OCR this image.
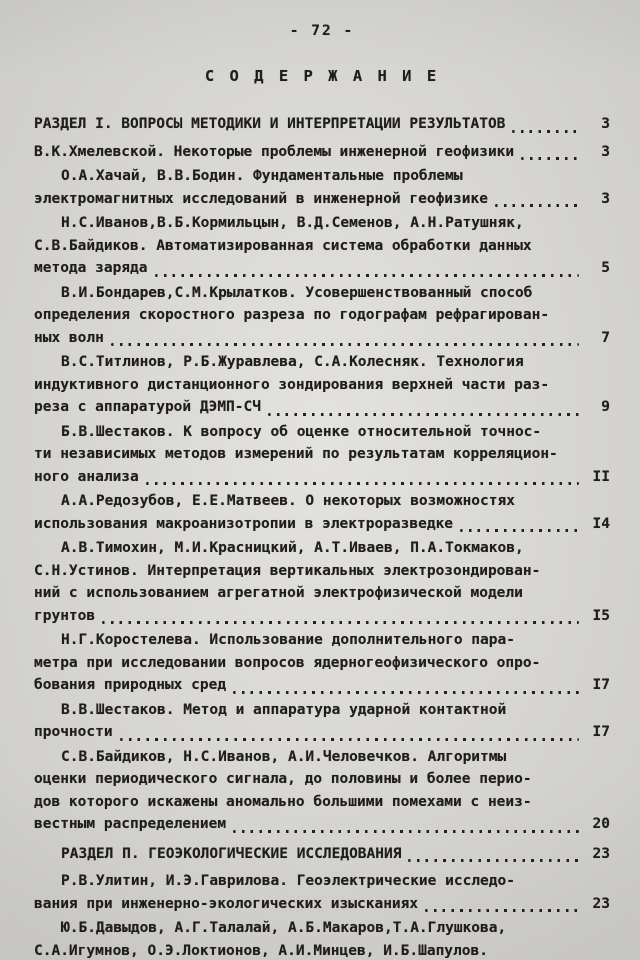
- 72 -
С О Д Е Р Ж А Н И Е
РАЗДЕЛ I. ВОПРОСЫ МЕТОДИКИ И ИНТЕРПРЕТАЦИИ РЕЗУЛЬТАТОВ	3
В.К.Хмелевской. Некоторые проблемы инженерной геофизики	3
О.А.Хачай, В.В.Бодин. Фундаментальные проблемы
электромагнитных исследований в инженерной геофизике	3
Н.С.Иванов,В.Б.Кормильцын, В.Д.Семенов, А.Н.Ратушняк,
С.В.Байдиков. Автоматизированная система обработки данных
метода заряда	5
В.И.Бондарев,С.М.Крылатков. Усовершенствованный способ
определения скоростного разреза по годографам рефрагирован-
ных волн	7
В.С.Титлинов, Р.Б.Журавлева, С.А.Колесняк. Технология
индуктивного дистанционного зондирования верхней части раз-
реза с аппаратурой ДЭМП-СЧ	9
Б.В.Шестаков. К вопросу об оценке относительной точнос-
ти независимых методов измерений по результатам корреляцион-
ного анализа	II
А.А.Редозубов, Е.Е.Матвеев. О некоторых возможностях
использования макроанизотропии в электроразведке	I4
А.В.Тимохин, М.И.Красницкий, А.Т.Иваев, П.А.Токмаков,
С.Н.Устинов. Интерпретация вертикальных электрозондирован-
ний с использованием агрегатной электрофизической модели
грунтов	I5
Н.Г.Коростелева. Использование дополнительного пара-
метра при исследовании вопросов ядерногеофизического опро-
бования природных сред	I7
В.В.Шестаков. Метод и аппаратура ударной контактной
прочности	I7
С.В.Байдиков, Н.С.Иванов, А.И.Человечков. Алгоритмы
оценки периодического сигнала, до половины и более перио-
дов которого искажены аномально большими помехами с неиз-
вестным распределением	20
РАЗДЕЛ П. ГЕОЭКОЛОГИЧЕСКИЕ ИССЛЕДОВАНИЯ	23
Р.В.Улитин, И.Э.Гаврилова. Геоэлектрические исследо-
вания при инженерно-экологических изысканиях	23
Ю.Б.Давыдов, А.Г.Талалай, А.Б.Макаров,Т.А.Глушкова,
С.А.Игумнов, О.Э.Локтионов, А.И.Минцев, И.Б.Шапулов.
